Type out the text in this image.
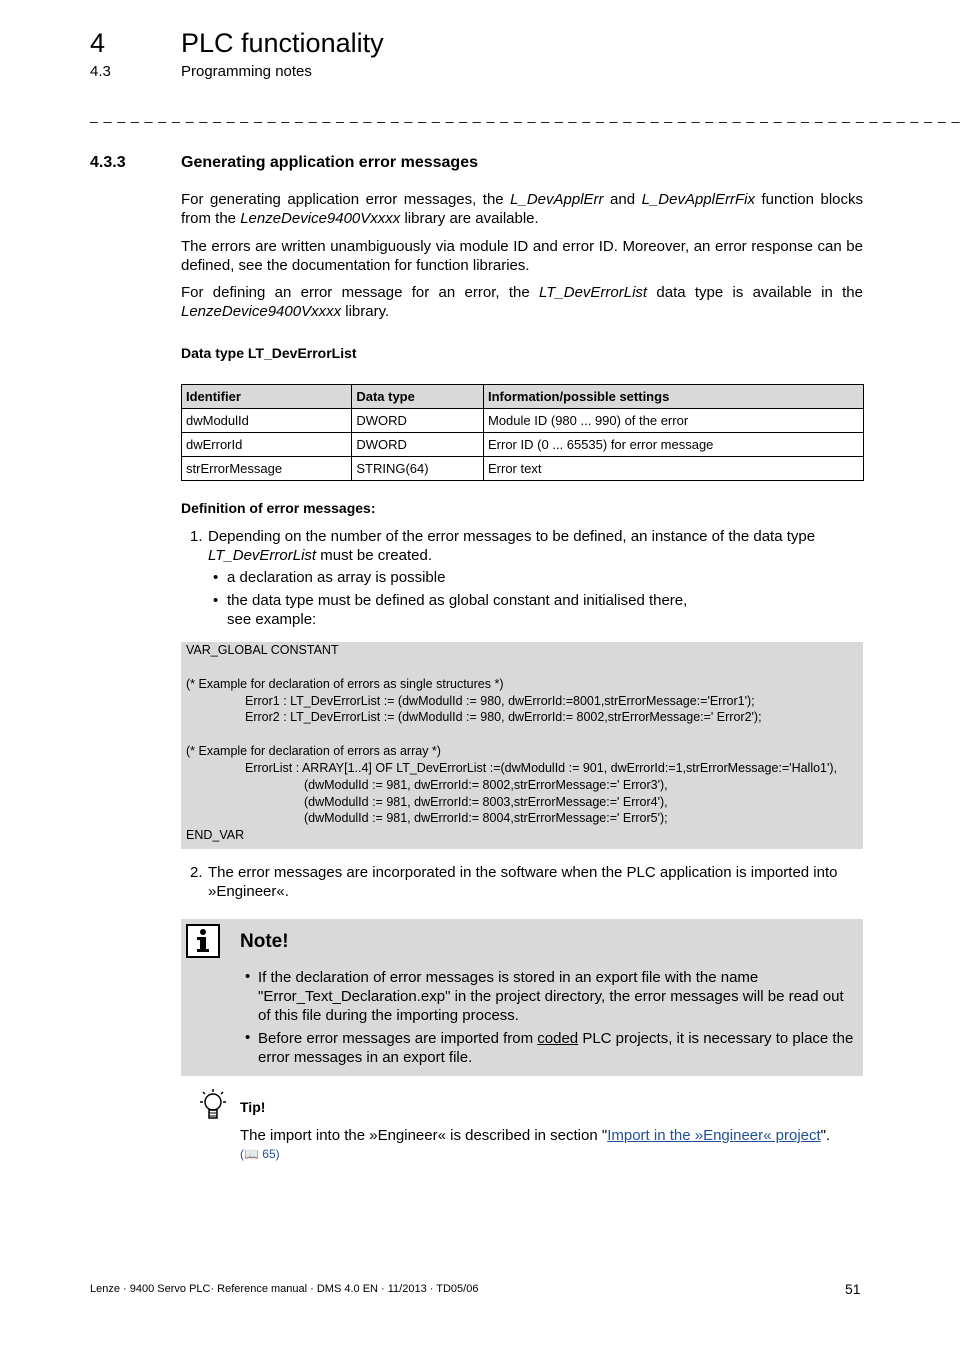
4	PLC functionality
4.3	Programming notes
_ _ _ _ _ _ _ _ _ _ _ _ _ _ _ _ _ _ _ _ _ _ _ _ _ _ _ _ _ _ _ _ _ _ _ _ _ _ _ _ _ _ _ _ _ _ _ _ _ _ _ _ _ _ _ _ _ _ _ _ _ _ _ _
4.3.3	Generating application error messages
For generating application error messages, the L_DevApplErr and L_DevApplErrFix function blocks from the LenzeDevice9400Vxxxx library are available.
The errors are written unambiguously via module ID and error ID. Moreover, an error response can be defined, see the documentation for function libraries.
For defining an error message for an error, the LT_DevErrorList data type is available in the LenzeDevice9400Vxxxx library.
Data type LT_DevErrorList
Identifier	Data type	Information/possible settings
dwModulId	DWORD	Module ID (980 ... 990) of the error
dwErrorId	DWORD	Error ID (0 ... 65535) for error message
strErrorMessage	STRING(64)	Error text
Definition of error messages:
1. Depending on the number of the error messages to be defined, an instance of the data type LT_DevErrorList must be created.
• a declaration as array is possible
• the data type must be defined as global constant and initialised there,
see example:
VAR_GLOBAL CONSTANT
(* Example for declaration of errors as single structures *)
Error1 : LT_DevErrorList := (dwModulId := 980, dwErrorId:=8001,strErrorMessage:='Error1');
Error2 : LT_DevErrorList := (dwModulId := 980, dwErrorId:= 8002,strErrorMessage:=' Error2');
(* Example for declaration of errors as array *)
ErrorList : ARRAY[1..4] OF LT_DevErrorList :=(dwModulId := 901, dwErrorId:=1,strErrorMessage:='Hallo1'),
(dwModulId := 981, dwErrorId:= 8002,strErrorMessage:=' Error3'),
(dwModulId := 981, dwErrorId:= 8003,strErrorMessage:=' Error4'),
(dwModulId := 981, dwErrorId:= 8004,strErrorMessage:=' Error5');
END_VAR
2. The error messages are incorporated in the software when the PLC application is imported into »Engineer«.
Note!
• If the declaration of error messages is stored in an export file with the name "Error_Text_Declaration.exp" in the project directory, the error messages will be read out of this file during the importing process.
• Before error messages are imported from coded PLC projects, it is necessary to place the error messages in an export file.
Tip!
The import into the »Engineer« is described in section "Import in the »Engineer« project".
(📖 65)
Lenze · 9400 Servo PLC· Reference manual · DMS 4.0 EN · 11/2013 · TD05/06	51
